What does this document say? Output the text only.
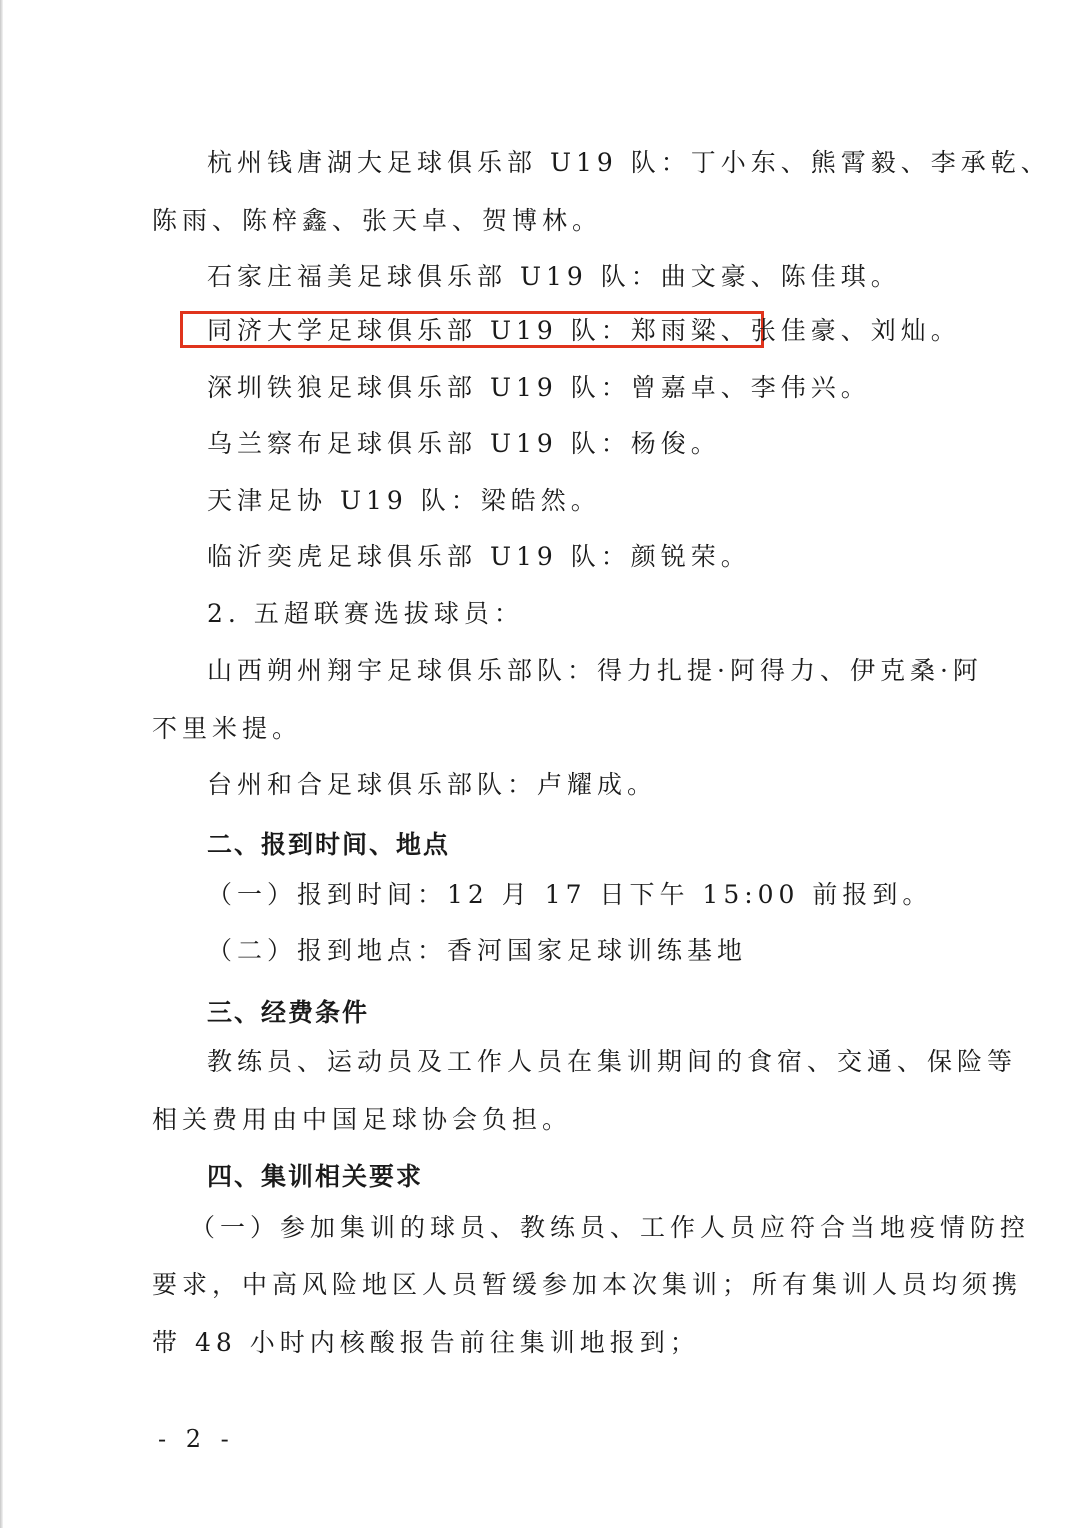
杭州钱唐湖大足球俱乐部 U19 队：丁小东、熊霄毅、李承乾、
陈雨、陈梓鑫、张天卓、贺博林。
石家庄福美足球俱乐部 U19 队：曲文豪、陈佳琪。
同济大学足球俱乐部 U19 队：郑雨粱、张佳豪、刘灿。
深圳铁狼足球俱乐部 U19 队：曾嘉卓、李伟兴。
乌兰察布足球俱乐部 U19 队：杨俊。
天津足协 U19 队：梁皓然。
临沂奕虎足球俱乐部 U19 队：颜锐荣。
2. 五超联赛选拔球员：
山西朔州翔宇足球俱乐部队：得力扎提·阿得力、伊克桑·阿
不里米提。
台州和合足球俱乐部队：卢耀成。
二、报到时间、地点
（一）报到时间：12 月 17 日下午 15:00 前报到。
（二）报到地点：香河国家足球训练基地
三、经费条件
教练员、运动员及工作人员在集训期间的食宿、交通、保险等
相关费用由中国足球协会负担。
四、集训相关要求
（一）参加集训的球员、教练员、工作人员应符合当地疫情防控
要求，中高风险地区人员暂缓参加本次集训；所有集训人员均须携
带 48 小时内核酸报告前往集训地报到；
- 2 -
